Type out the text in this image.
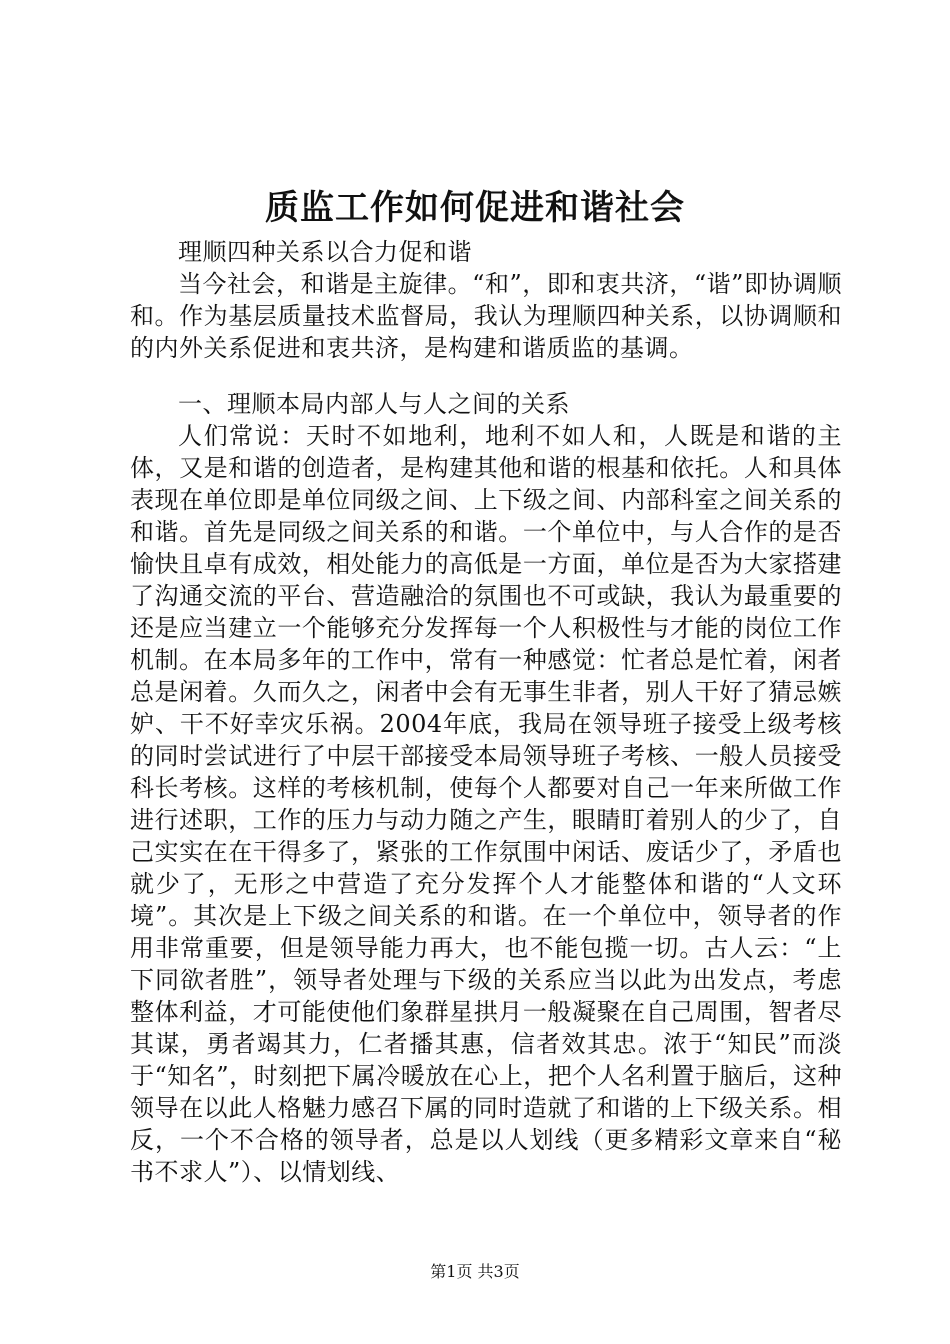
质监工作如何促进和谐社会

理顺四种关系以合力促和谐

当今社会，和谐是主旋律。“和”，即和衷共济，“谐”即协调顺和。作为基层质量技术监督局，我认为理顺四种关系，以协调顺和的内外关系促进和衷共济，是构建和谐质监的基调。

一、理顺本局内部人与人之间的关系

人们常说：天时不如地利，地利不如人和，人既是和谐的主体，又是和谐的创造者，是构建其他和谐的根基和依托。人和具体表现在单位即是单位同级之间、上下级之间、内部科室之间关系的和谐。首先是同级之间关系的和谐。一个单位中，与人合作的是否愉快且卓有成效，相处能力的高低是一方面，单位是否为大家搭建了沟通交流的平台、营造融洽的氛围也不可或缺，我认为最重要的还是应当建立一个能够充分发挥每一个人积极性与才能的岗位工作机制。在本局多年的工作中，常有一种感觉：忙者总是忙着，闲者总是闲着。久而久之，闲者中会有无事生非者，别人干好了猜忌嫉妒、干不好幸灾乐祸。2004年底，我局在领导班子接受上级考核的同时尝试进行了中层干部接受本局领导班子考核、一般人员接受科长考核。这样的考核机制，使每个人都要对自己一年来所做工作进行述职，工作的压力与动力随之产生，眼睛盯着别人的少了，自己实实在在干得多了，紧张的工作氛围中闲话、废话少了，矛盾也就少了，无形之中营造了充分发挥个人才能整体和谐的“人文环境”。其次是上下级之间关系的和谐。在一个单位中，领导者的作用非常重要，但是领导能力再大，也不能包揽一切。古人云：“上下同欲者胜”，领导者处理与下级的关系应当以此为出发点，考虑整体利益，才可能使他们象群星拱月一般凝聚在自己周围，智者尽其谋，勇者竭其力，仁者播其惠，信者效其忠。浓于“知民”而淡于“知名”，时刻把下属冷暖放在心上，把个人名利置于脑后，这种领导在以此人格魅力感召下属的同时造就了和谐的上下级关系。相反，一个不合格的领导者，总是以人划线（更多精彩文章来自“秘书不求人”）、以情划线、

第1页 共3页
